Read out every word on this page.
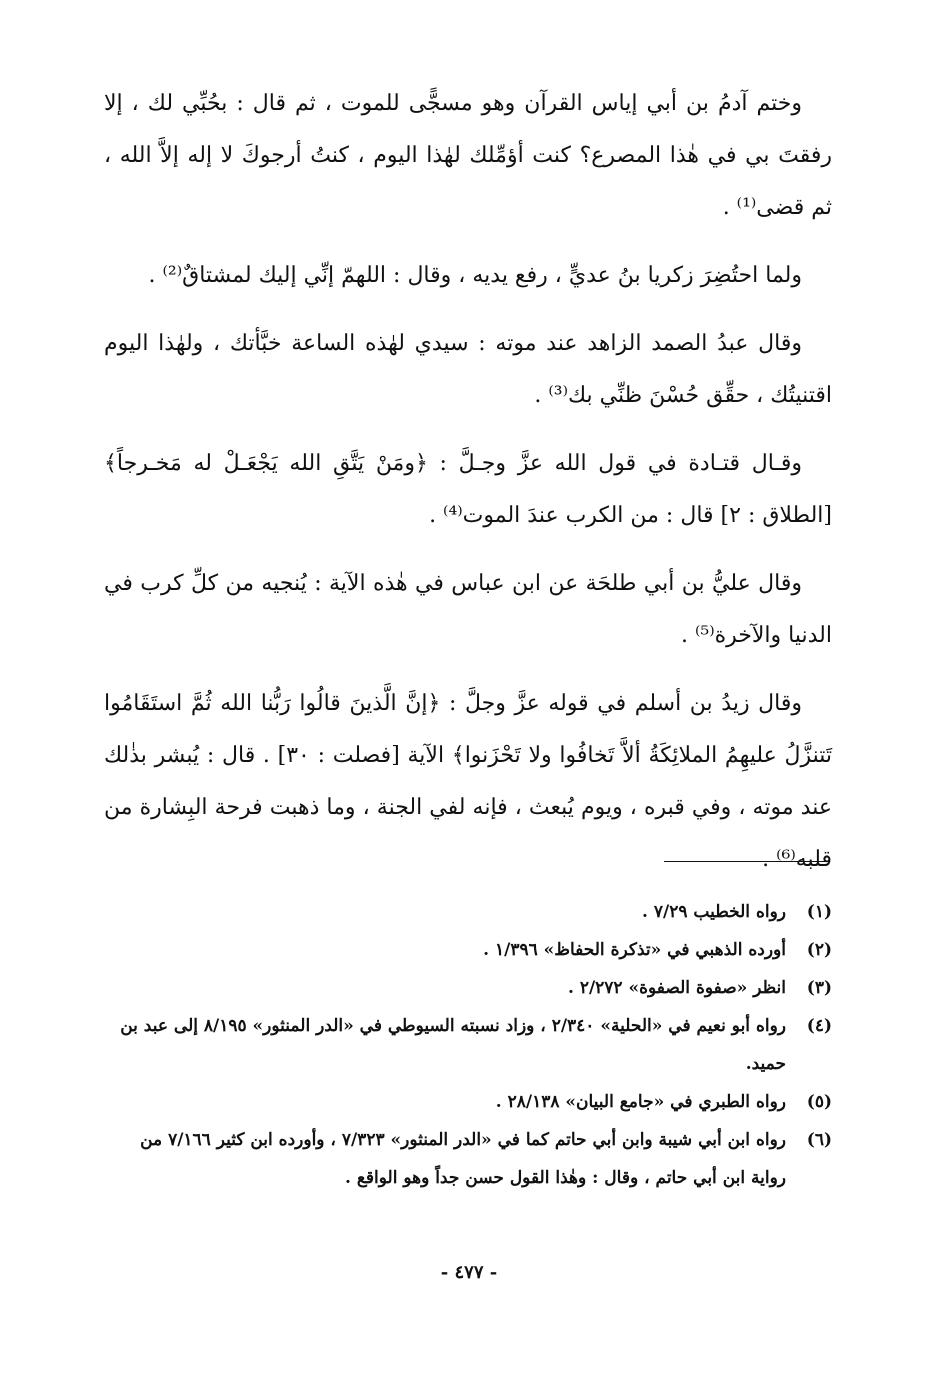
وختم آدمُ بن أبي إياس القرآن وهو مسجًّى للموت ، ثم قال : بحُبِّي لك ، إلا رفقتَ بي في هٰذا المصرع؟ كنت أؤمِّلك لهٰذا اليوم ، كنتُ أرجوكَ لا إله إلاَّ الله ، ثم قضى⁽¹⁾ .

ولما احتُضِرَ زكريا بنُ عديٍّ ، رفع يديه ، وقال : اللهمّ إنِّي إليك لمشتاقٌ⁽²⁾ .

وقال عبدُ الصمد الزاهد عند موته : سيدي لهٰذه الساعة خبَّأتك ، ولهٰذا اليوم اقتنيتُك ، حقِّق حُسْنَ ظنِّي بك⁽³⁾ .

وقـال قتـادة في قول الله عزَّ وجـلَّ : ﴿ومَنْ يَتَّقِ الله يَجْعَـلْ له مَخـرجاً﴾ [الطلاق : ٢] قال : من الكرب عندَ الموت⁽⁴⁾ .

وقال عليُّ بن أبي طلحَة عن ابن عباس في هٰذه الآية : يُنجيه من كلِّ كرب في الدنيا والآخرة⁽⁵⁾ .

وقال زيدُ بن أسلم في قوله عزَّ وجلَّ : ﴿إنَّ الَّذينَ قالُوا رَبُّنا الله ثُمَّ استَقَامُوا تَتنزَّلُ عليهِمُ الملائِكَةُ ألاَّ تَخافُوا ولا تَحْزَنوا﴾ الآية [فصلت : ٣٠] . قال : يُبشر بذٰلك عند موته ، وفي قبره ، ويوم يُبعث ، فإنه لفي الجنة ، وما ذهبت فرحة البِشارة من قلبه⁽⁶⁾ .

(١)رواه الخطيب ٧/٢٩ .

(٢)أورده الذهبي في «تذكرة الحفاظ» ١/٣٩٦ .

(٣)انظر «صفوة الصفوة» ٢/٢٧٢ .

(٤)رواه أبو نعيم في «الحلية» ٢/٣٤٠ ، وزاد نسبته السيوطي في «الدر المنثور» ٨/١٩٥ إلى عبد بن حميد.

(٥)رواه الطبري في «جامع البيان» ٢٨/١٣٨ .

(٦)رواه ابن أبي شيبة وابن أبي حاتم كما في «الدر المنثور» ٧/٣٢٣ ، وأورده ابن كثير ٧/١٦٦ من رواية ابن أبي حاتم ، وقال : وهٰذا القول حسن جداً وهو الواقع .

- ٤٧٧ -
